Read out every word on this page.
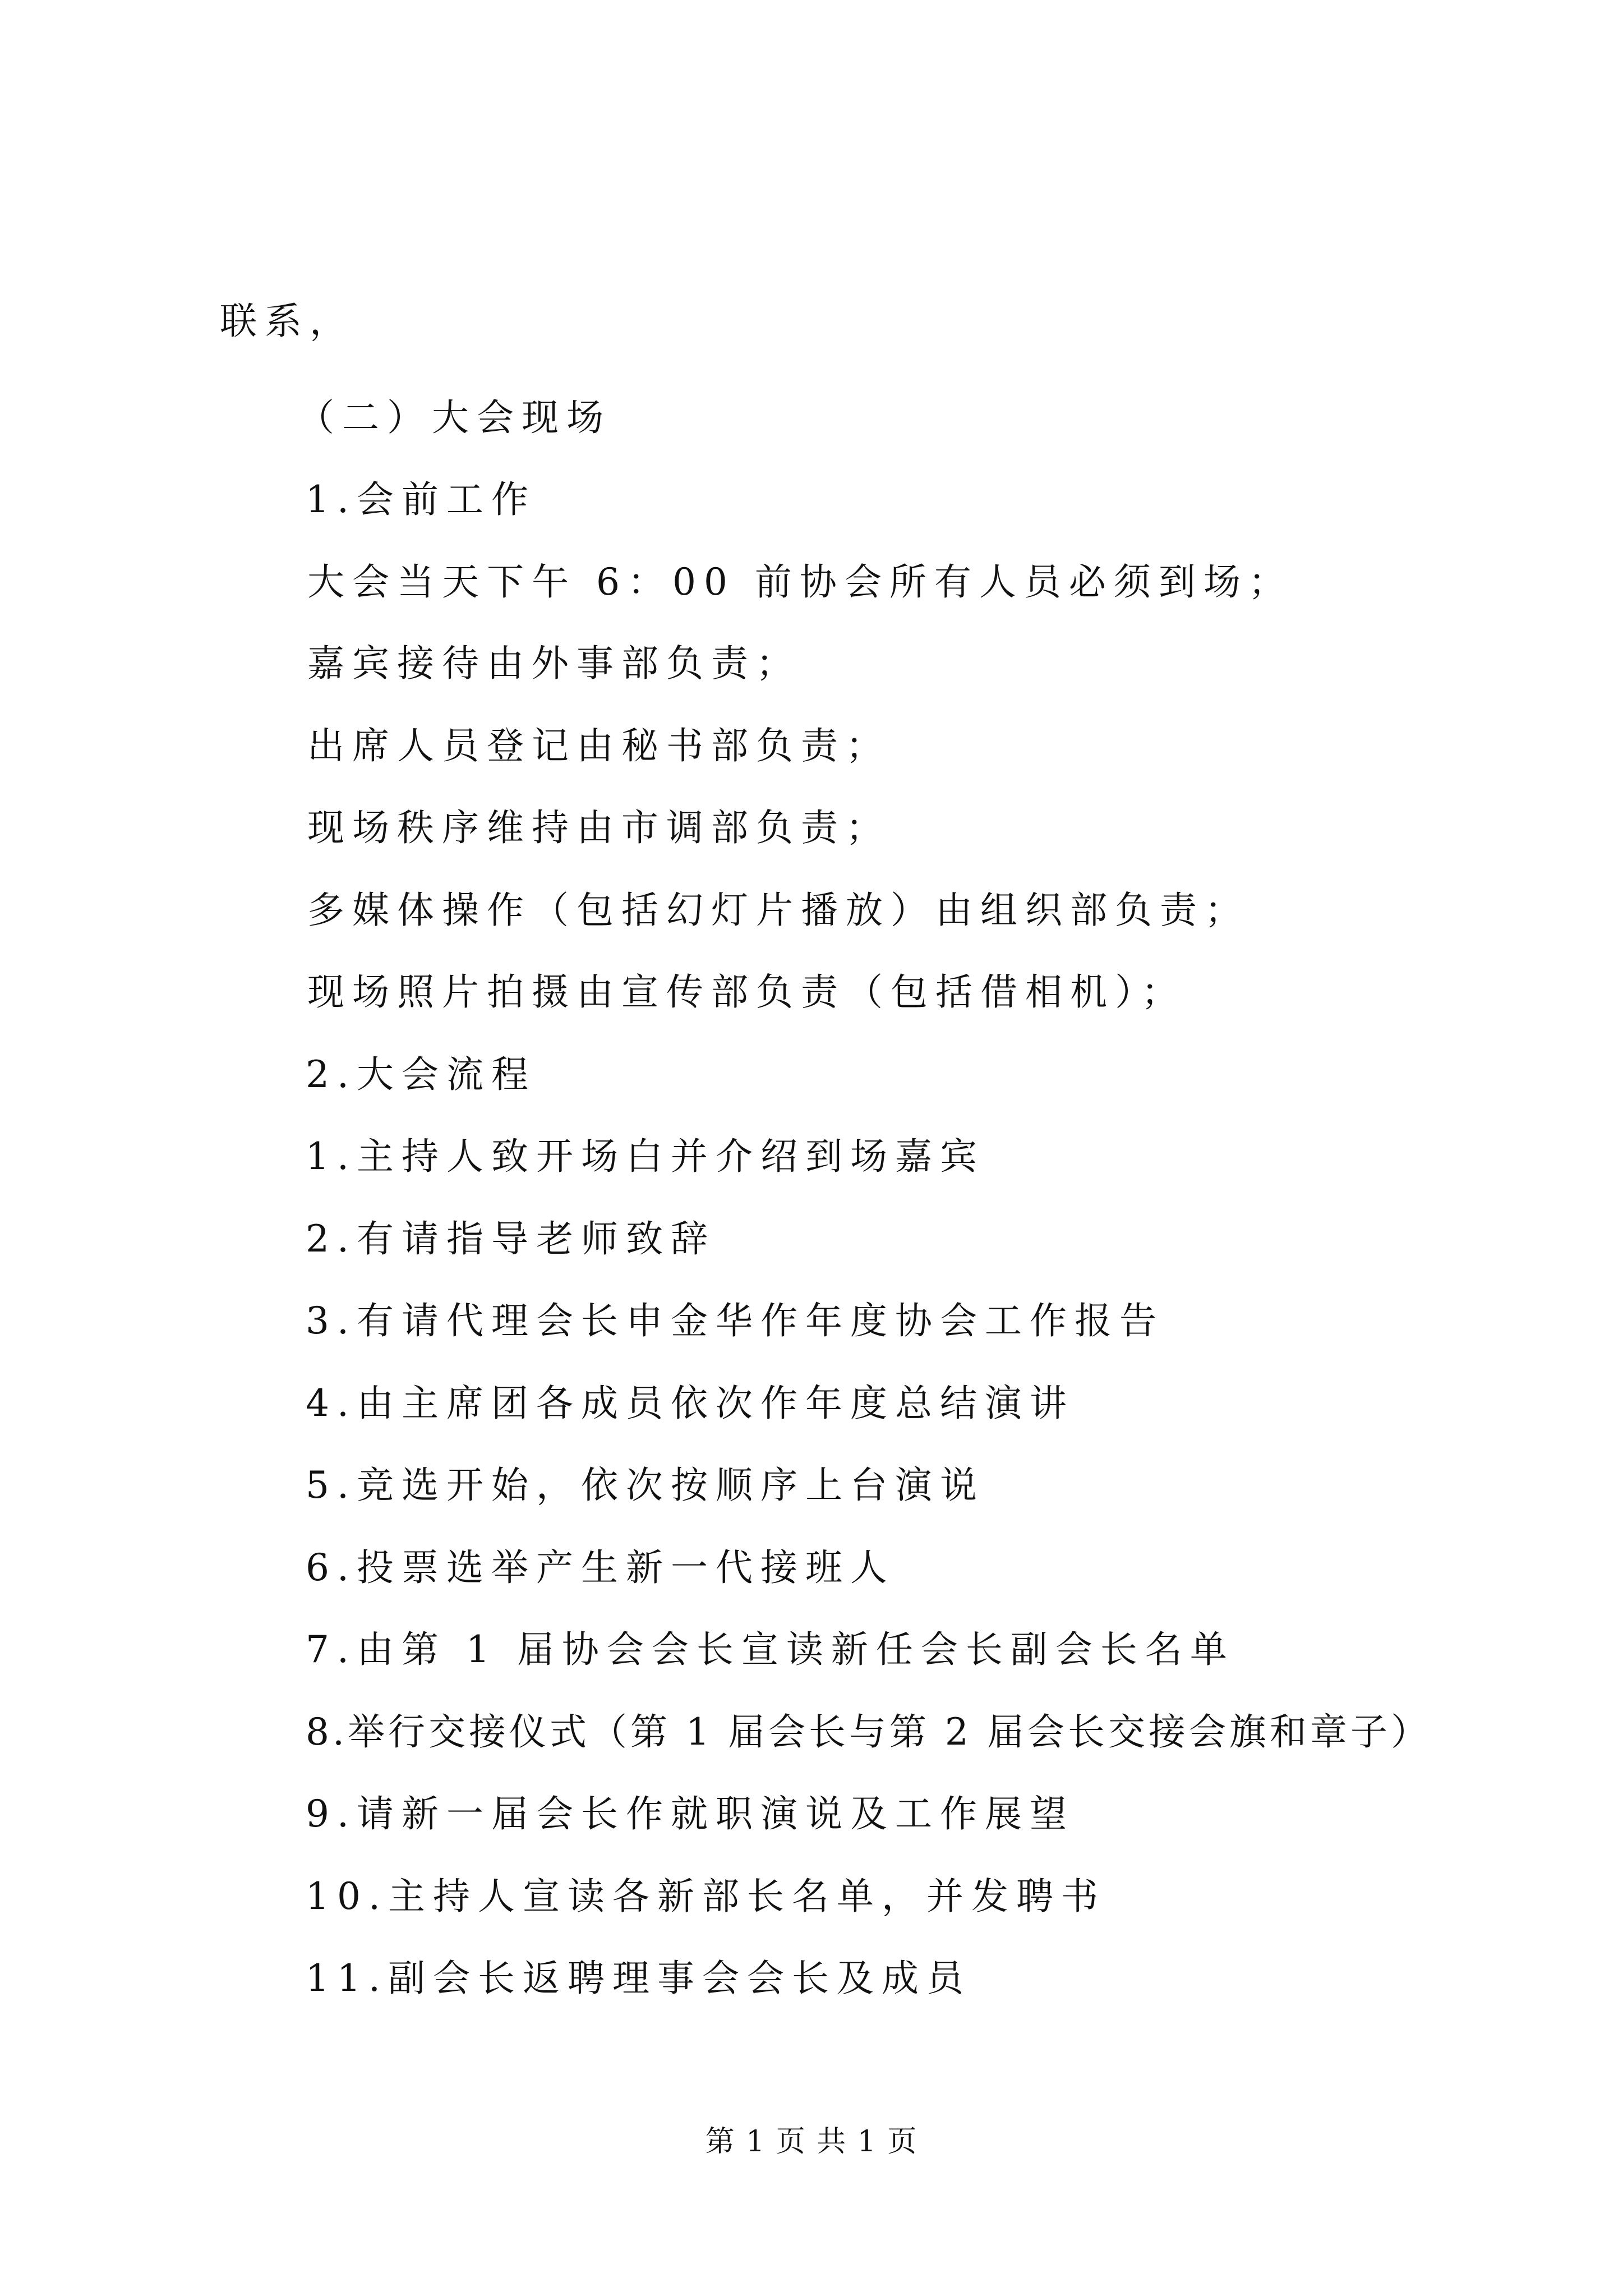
联系，
（二）大会现场
1.会前工作
大会当天下午 6：00 前协会所有人员必须到场；
嘉宾接待由外事部负责；
出席人员登记由秘书部负责；
现场秩序维持由市调部负责；
多媒体操作（包括幻灯片播放）由组织部负责；
现场照片拍摄由宣传部负责（包括借相机）；
2.大会流程
1.主持人致开场白并介绍到场嘉宾
2.有请指导老师致辞
3.有请代理会长申金华作年度协会工作报告
4.由主席团各成员依次作年度总结演讲
5.竞选开始，依次按顺序上台演说
6.投票选举产生新一代接班人
7.由第 1 届协会会长宣读新任会长副会长名单
8.举行交接仪式（第 1 届会长与第 2 届会长交接会旗和章子）
9.请新一届会长作就职演说及工作展望
10.主持人宣读各新部长名单，并发聘书
11.副会长返聘理事会会长及成员
第 1 页 共 1 页
